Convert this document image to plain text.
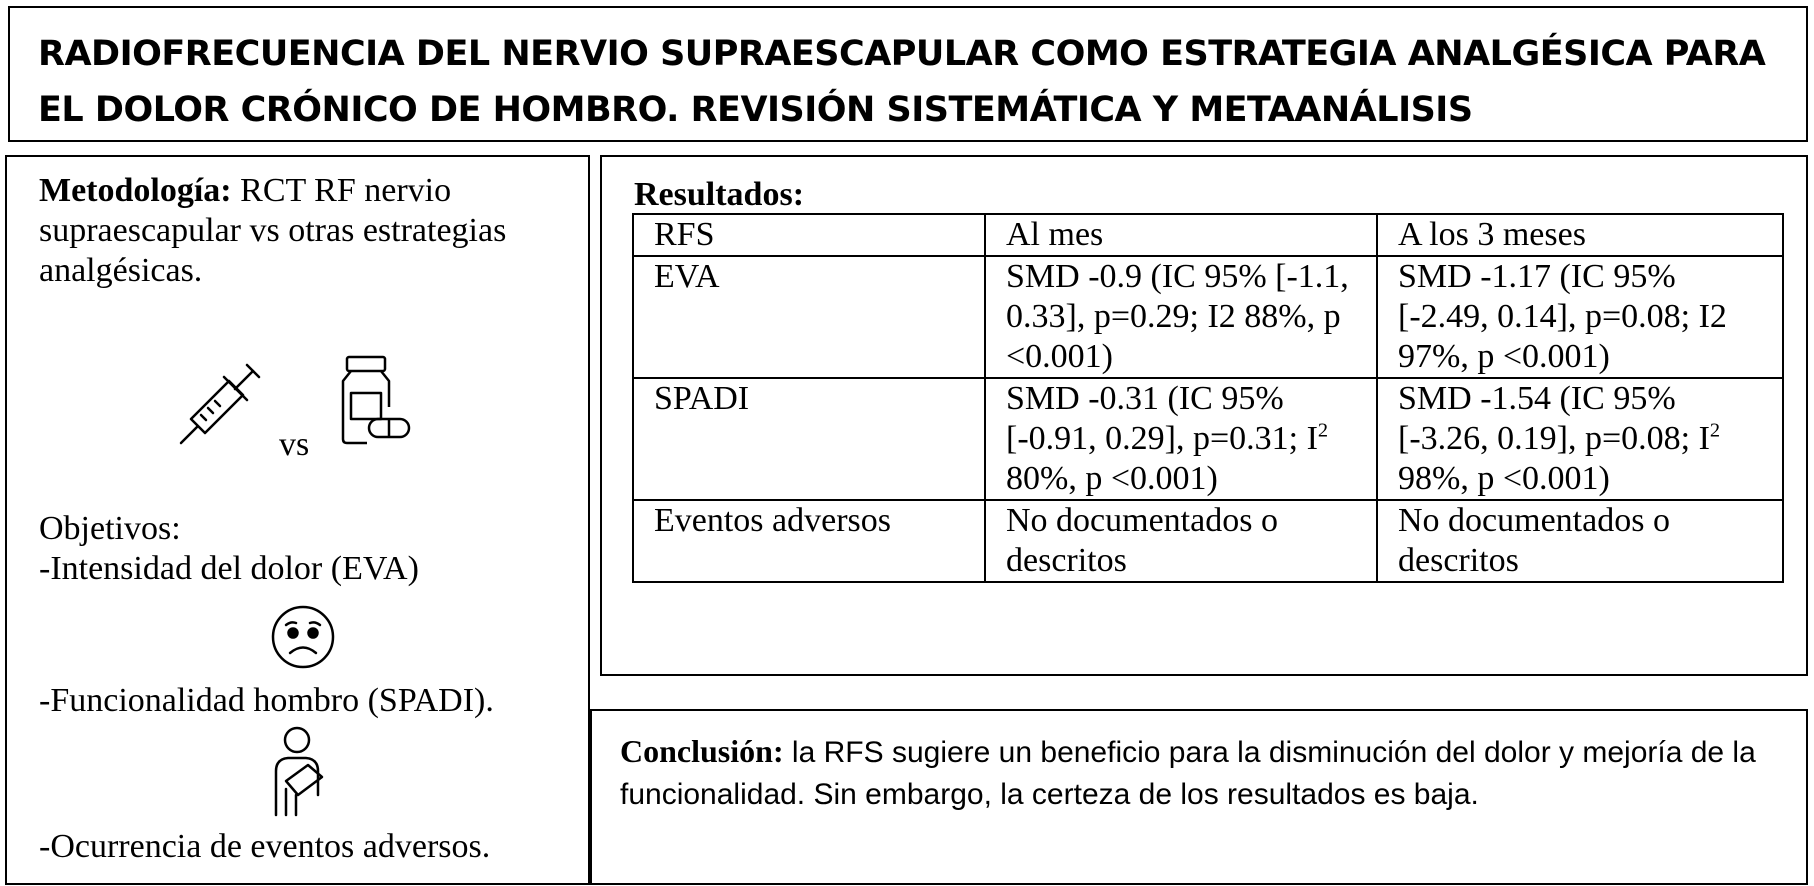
RADIOFRECUENCIA DEL NERVIO SUPRAESCAPULAR COMO ESTRATEGIA ANALGÉSICA PARA EL DOLOR CRÓNICO DE HOMBRO. REVISIÓN SISTEMÁTICA Y METAANÁLISIS

Metodología: RCT RF nervio supraescapular vs otras estrategias analgésicas.

vs
Objetivos:
-Intensidad del dolor (EVA)
-Funcionalidad hombro (SPADI).
-Ocurrencia de eventos adversos.

Resultados:

RFS	Al mes	A los 3 meses
EVA	SMD -0.9 (IC 95% [-1.1, 0.33], p=0.29; I2 88%, p <0.001)	SMD -1.17 (IC 95% [-2.49, 0.14], p=0.08; I2 97%, p <0.001)
SPADI	SMD -0.31 (IC 95% [-0.91, 0.29], p=0.31; $I^2$ 80%, p <0.001)	SMD -1.54 (IC 95% [-3.26, 0.19], p=0.08; $I^2$ 98%, p <0.001)
Eventos adversos	No documentados o descritos	No documentados o descritos

Conclusión: la RFS sugiere un beneficio para la disminución del dolor y mejoría de la funcionalidad. Sin embargo, la certeza de los resultados es baja.
